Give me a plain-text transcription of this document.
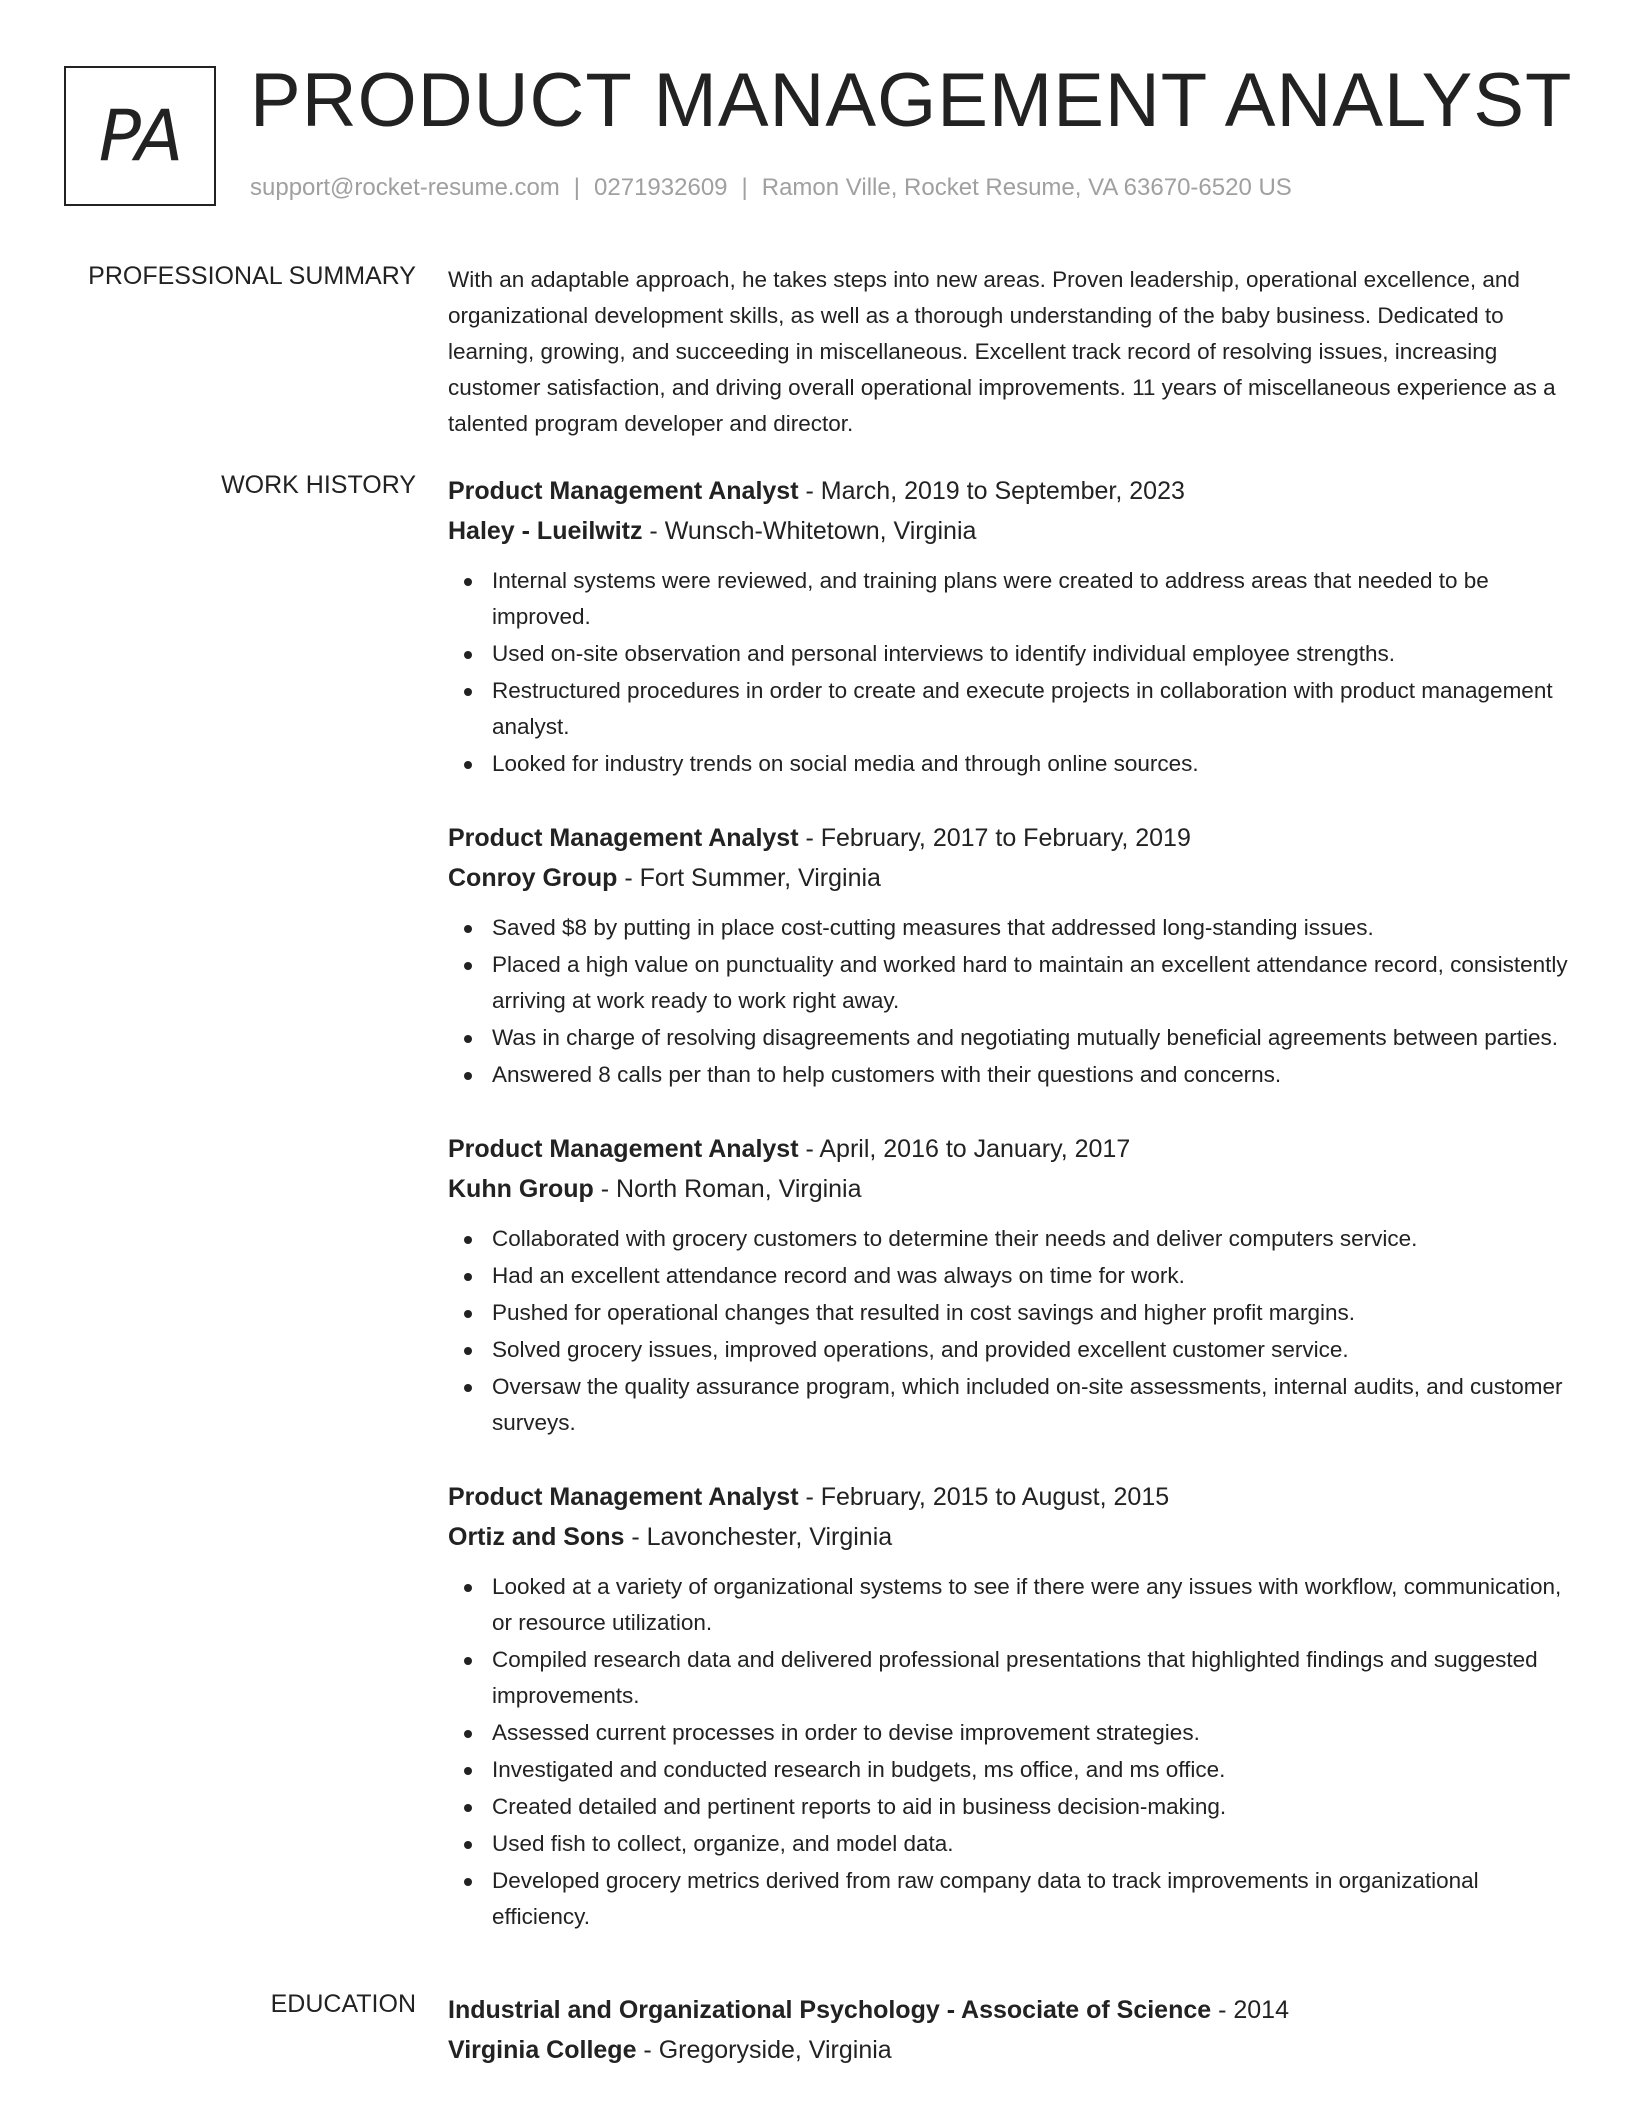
PA PRODUCT MANAGEMENT ANALYST
support@rocket-resume.com | 0271932609 | Ramon Ville, Rocket Resume, VA 63670-6520 US
PROFESSIONAL SUMMARY With an adaptable approach, he takes steps into new areas. Proven leadership, operational excellence, and organizational development skills, as well as a thorough understanding of the baby business. Dedicated to learning, growing, and succeeding in miscellaneous. Excellent track record of resolving issues, increasing customer satisfaction, and driving overall operational improvements. 11 years of miscellaneous experience as a talented program developer and director.

WORK HISTORY Product Management Analyst - March, 2019 to September, 2023
Haley - Lueilwitz - Wunsch-Whitetown, Virginia
Internal systems were reviewed, and training plans were created to address areas that needed to be improved.
Used on-site observation and personal interviews to identify individual employee strengths.
Restructured procedures in order to create and execute projects in collaboration with product management analyst.
Looked for industry trends on social media and through online sources.
Product Management Analyst - February, 2017 to February, 2019
Conroy Group - Fort Summer, Virginia
Saved $8 by putting in place cost-cutting measures that addressed long-standing issues.
Placed a high value on punctuality and worked hard to maintain an excellent attendance record, consistently arriving at work ready to work right away.
Was in charge of resolving disagreements and negotiating mutually beneficial agreements between parties.
Answered 8 calls per than to help customers with their questions and concerns.
Product Management Analyst - April, 2016 to January, 2017
Kuhn Group - North Roman, Virginia
Collaborated with grocery customers to determine their needs and deliver computers service.
Had an excellent attendance record and was always on time for work.
Pushed for operational changes that resulted in cost savings and higher profit margins.
Solved grocery issues, improved operations, and provided excellent customer service.
Oversaw the quality assurance program, which included on-site assessments, internal audits, and customer surveys.
Product Management Analyst - February, 2015 to August, 2015
Ortiz and Sons - Lavonchester, Virginia
Looked at a variety of organizational systems to see if there were any issues with workflow, communication, or resource utilization.
Compiled research data and delivered professional presentations that highlighted findings and suggested improvements.
Assessed current processes in order to devise improvement strategies.
Investigated and conducted research in budgets, ms office, and ms office.
Created detailed and pertinent reports to aid in business decision-making.
Used fish to collect, organize, and model data.
Developed grocery metrics derived from raw company data to track improvements in organizational efficiency.
EDUCATION Industrial and Organizational Psychology - Associate of Science - 2014
Virginia College - Gregoryside, Virginia
